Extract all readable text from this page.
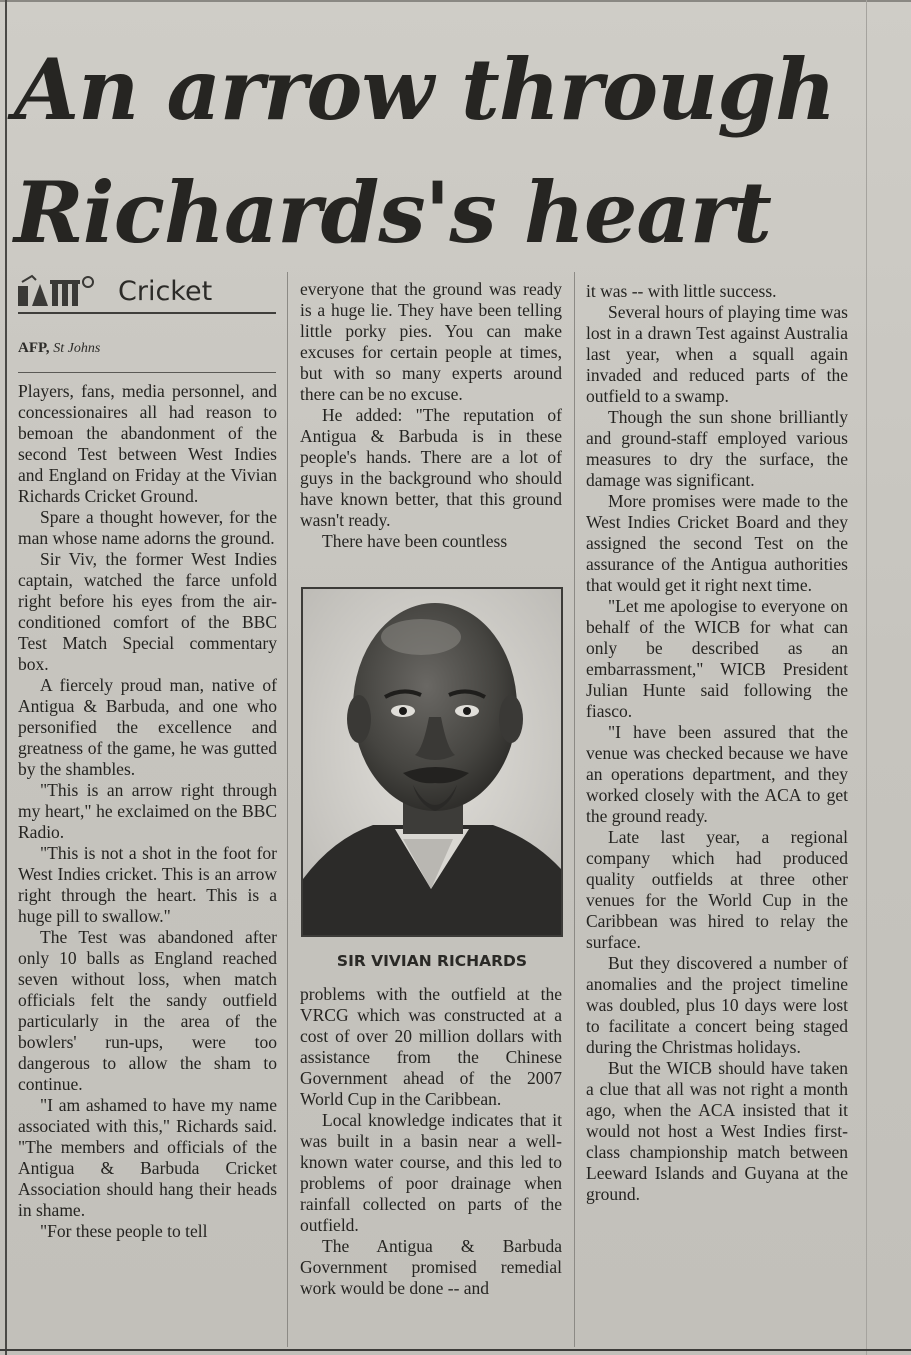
An arrow through
Richards's heart
Cricket
AFP, St Johns

Players, fans, media personnel, and concessionaires all had reason to bemoan the abandonment of the second Test between West Indies and England on Friday at the Vivian Richards Cricket Ground.

Spare a thought however, for the man whose name adorns the ground.

Sir Viv, the former West Indies captain, watched the farce unfold right before his eyes from the air-conditioned comfort of the BBC Test Match Special commentary box.

A fiercely proud man, native of Antigua & Barbuda, and one who personified the excellence and greatness of the game, he was gutted by the shambles.

"This is an arrow right through my heart," he exclaimed on the BBC Radio.

"This is not a shot in the foot for West Indies cricket. This is an arrow right through the heart. This is a huge pill to swallow."

The Test was abandoned after only 10 balls as England reached seven without loss, when match officials felt the sandy outfield particularly in the area of the bowlers' run-ups, were too dangerous to allow the sham to continue.

"I am ashamed to have my name associated with this," Richards said. "The members and officials of the Antigua & Barbuda Cricket Association should hang their heads in shame.

"For these people to tell

everyone that the ground was ready is a huge lie. They have been telling little porky pies. You can make excuses for certain people at times, but with so many experts around there can be no excuse.

He added: "The reputation of Antigua & Barbuda is in these people's hands. There are a lot of guys in the background who should have known better, that this ground wasn't ready.

There have been countless

SIR VIVIAN RICHARDS

problems with the outfield at the VRCG which was constructed at a cost of over 20 million dollars with assistance from the Chinese Government ahead of the 2007 World Cup in the Caribbean.

Local knowledge indicates that it was built in a basin near a well-known water course, and this led to problems of poor drainage when rainfall collected on parts of the outfield.

The Antigua & Barbuda Government promised remedial work would be done -- and

it was -- with little success.

Several hours of playing time was lost in a drawn Test against Australia last year, when a squall again invaded and reduced parts of the outfield to a swamp.

Though the sun shone brilliantly and ground-staff employed various measures to dry the surface, the damage was significant.

More promises were made to the West Indies Cricket Board and they assigned the second Test on the assurance of the Antigua authorities that would get it right next time.

"Let me apologise to everyone on behalf of the WICB for what can only be described as an embarrassment," WICB President Julian Hunte said following the fiasco.

"I have been assured that the venue was checked because we have an operations department, and they worked closely with the ACA to get the ground ready.

Late last year, a regional company which had produced quality outfields at three other venues for the World Cup in the Caribbean was hired to relay the surface.

But they discovered a number of anomalies and the project timeline was doubled, plus 10 days were lost to facilitate a concert being staged during the Christmas holidays.

But the WICB should have taken a clue that all was not right a month ago, when the ACA insisted that it would not host a West Indies first-class championship match between Leeward Islands and Guyana at the ground.
